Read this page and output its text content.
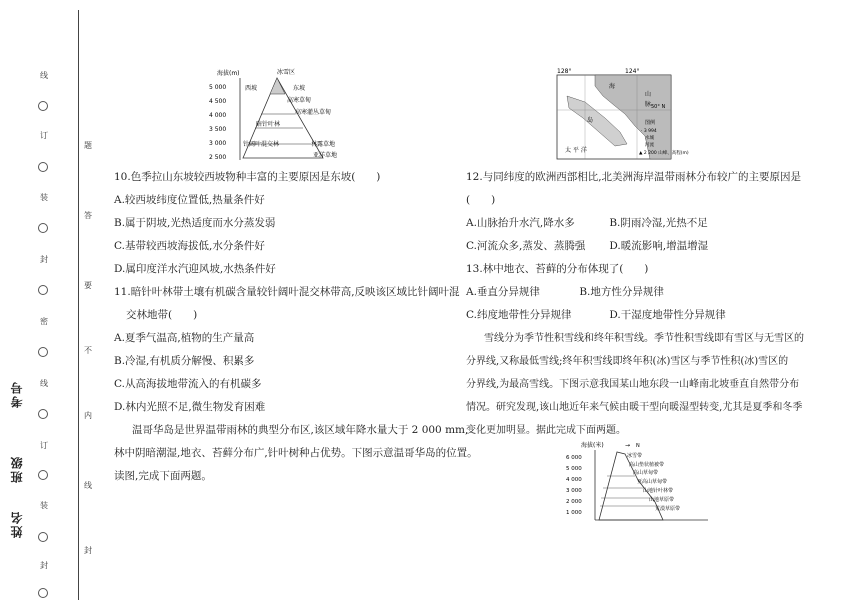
线
订
装
封
密
线
订
装
封
题
答
要
不
内
线
封
考号
班级
姓名
海拔(m)
5 000
4 500
4 000
3 500
3 000
2 500
冰雪区
东坡
西坡
高寒草甸
高寒灌丛草甸
暗针叶林
针阔叶混交林	林露草地
亚洋草地
128°	124°
50° N
海
岛
山
脉
太 平 洋
图例
· 3 994
水城
河流
▲ 2 200 山峰、高程(m)
海拔(米)	→ N
6 000
5 000
4 000
3 000
2 000
1 000
冰雪带
高山垫状植被带
高山草甸带
亚高山草甸带
山地针叶林带
山地草原带
荒漠草原带
10.色季拉山东坡较西坡物种丰富的主要原因是东坡(　　)
A.较西坡纬度位置低,热量条件好
B.属于阴坡,光热适度而水分蒸发弱
C.基带较西坡海拔低,水分条件好
D.属印度洋水汽迎风坡,水热条件好
11.暗针叶林带土壤有机碳含量较针阔叶混交林带高,反映该区域比针阔叶混
交林地带(　　)
A.夏季气温高,植物的生产量高
B.冷湿,有机质分解慢、积累多
C.从高海拔地带流入的有机碳多
D.林内光照不足,微生物发育困难
温哥华岛是世界温带雨林的典型分布区,该区域年降水量大于 2 000 mm,
林中阴暗潮湿,地衣、苔藓分布广,针叶树种占优势。下图示意温哥华岛的位置。
读图,完成下面两题。
12.与同纬度的欧洲西部相比,北美洲海岸温带雨林分布较广的主要原因是
(　　)
A.山脉抬升水汽,降水多	B.阴雨冷湿,光热不足
C.河流众多,蒸发、蒸腾强 D.暖流影响,增温增湿
13.林中地衣、苔藓的分布体现了(　　)
A.垂直分异规律	B.地方性分异规律
C.纬度地带性分异规律	D.干湿度地带性分异规律
雪线分为季节性积雪线和终年积雪线。季节性积雪线即有雪区与无雪区的
分界线,又称最低雪线;终年积雪线即终年积(冰)雪区与季节性积(冰)雪区的
分界线,为最高雪线。下图示意我国某山地东段一山峰南北坡垂直自然带分布
情况。研究发现,该山地近年来气候由暖干型向暖湿型转变,尤其是夏季和冬季
变化更加明显。据此完成下面两题。
